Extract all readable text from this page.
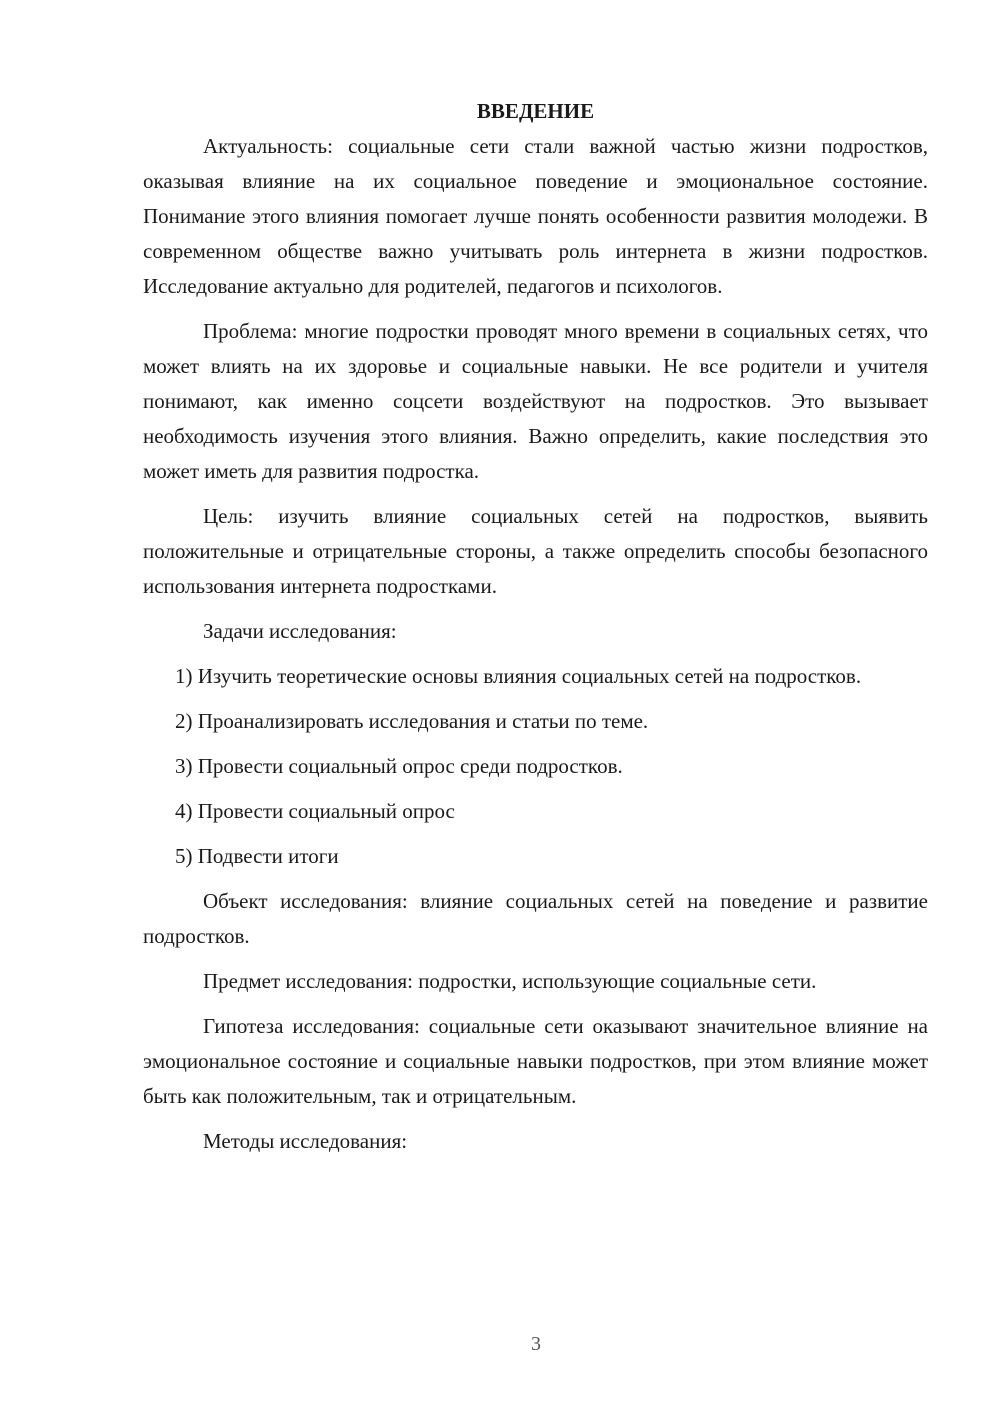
ВВЕДЕНИЕ

Актуальность: социальные сети стали важной частью жизни подростков, оказывая влияние на их социальное поведение и эмоциональное состояние. Понимание этого влияния помогает лучше понять особенности развития молодежи. В современном обществе важно учитывать роль интернета в жизни подростков. Исследование актуально для родителей, педагогов и психологов.

Проблема: многие подростки проводят много времени в социальных сетях, что может влиять на их здоровье и социальные навыки. Не все родители и учителя понимают, как именно соцсети воздействуют на подростков. Это вызывает необходимость изучения этого влияния. Важно определить, какие последствия это может иметь для развития подростка.

Цель: изучить влияние социальных сетей на подростков, выявить положительные и отрицательные стороны, а также определить способы безопасного использования интернета подростками.

Задачи исследования:

1) Изучить теоретические основы влияния социальных сетей на подростков.

2) Проанализировать исследования и статьи по теме.

3) Провести социальный опрос среди подростков.

4) Провести социальный опрос

5) Подвести итоги

Объект исследования: влияние социальных сетей на поведение и развитие подростков.

Предмет исследования: подростки, использующие социальные сети.

Гипотеза исследования: социальные сети оказывают значительное влияние на эмоциональное состояние и социальные навыки подростков, при этом влияние может быть как положительным, так и отрицательным.

Методы исследования:

3
